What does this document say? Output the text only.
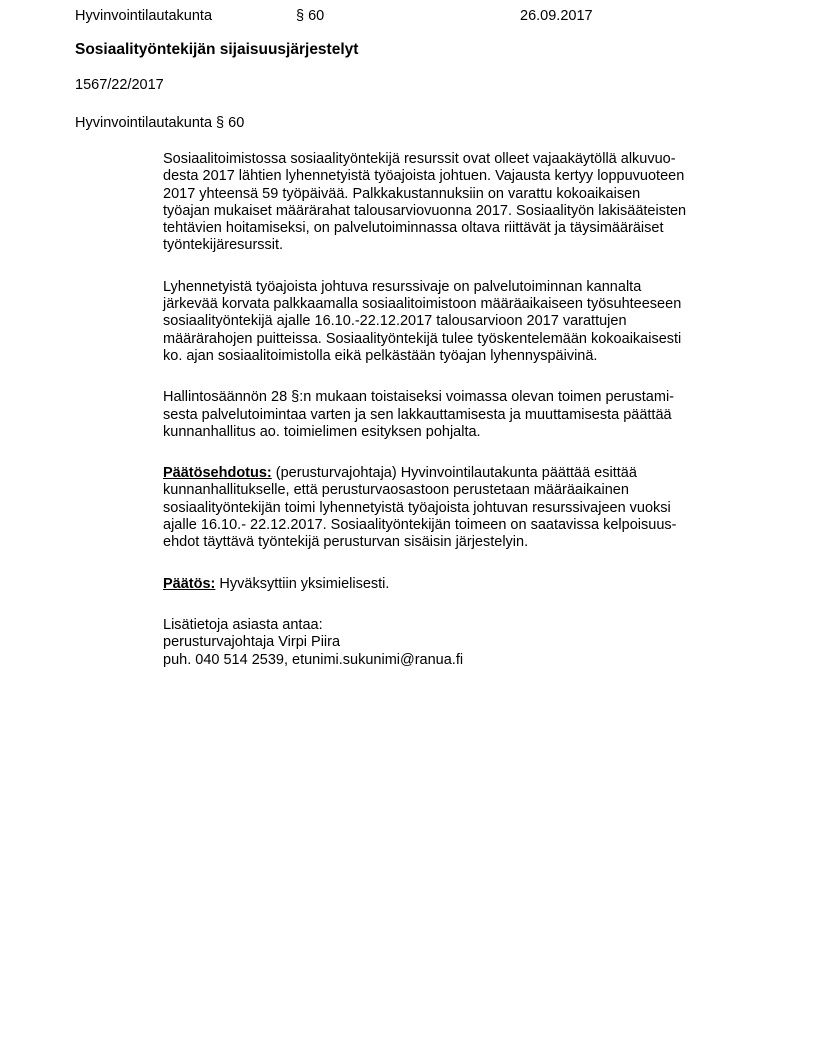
Hyvinvointilautakunta	§ 60	26.09.2017
Sosiaalityöntekijän sijaisuusjärjestelyt
1567/22/2017
Hyvinvointilautakunta § 60
Sosiaalitoimistossa sosiaalityöntekijä resurssit ovat olleet vajaakäytöllä alkuvuo-
desta 2017 lähtien lyhennetyistä työajoista johtuen. Vajausta kertyy loppuvuoteen
2017 yhteensä 59 työpäivää. Palkkakustannuksiin on varattu kokoaikaisen
työajan mukaiset määrärahat talousarviovuonna 2017. Sosiaalityön lakisääteisten
tehtävien hoitamiseksi, on palvelutoiminnassa oltava riittävät ja täysimääräiset
työntekijäresurssit.
Lyhennetyistä työajoista johtuva resurssivaje on palvelutoiminnan kannalta
järkevää korvata palkkaamalla sosiaalitoimistoon määräaikaiseen työsuhteeseen
sosiaalityöntekijä ajalle 16.10.-22.12.2017 talousarvioon 2017 varattujen
määrärahojen puitteissa. Sosiaalityöntekijä tulee työskentelemään kokoaikaisesti
ko. ajan sosiaalitoimistolla eikä pelkästään työajan lyhennyspäivinä.
Hallintosäännön 28 §:n mukaan toistaiseksi voimassa olevan toimen perustami-
sesta palvelutoimintaa varten ja sen lakkauttamisesta ja muuttamisesta päättää
kunnanhallitus ao. toimielimen esityksen pohjalta.
Päätösehdotus: (perusturvajohtaja) Hyvinvointilautakunta päättää esittää
kunnanhallitukselle, että perusturvaosastoon perustetaan määräaikainen
sosiaalityöntekijän toimi lyhennetyistä työajoista johtuvan resurssivajeen vuoksi
ajalle 16.10.- 22.12.2017. Sosiaalityöntekijän toimeen on saatavissa kelpoisuus-
ehdot täyttävä työntekijä perusturvan sisäisin järjestelyin.
Päätös: Hyväksyttiin yksimielisesti.
Lisätietoja asiasta antaa:
perusturvajohtaja Virpi Piira
puh. 040 514 2539, etunimi.sukunimi@ranua.fi
